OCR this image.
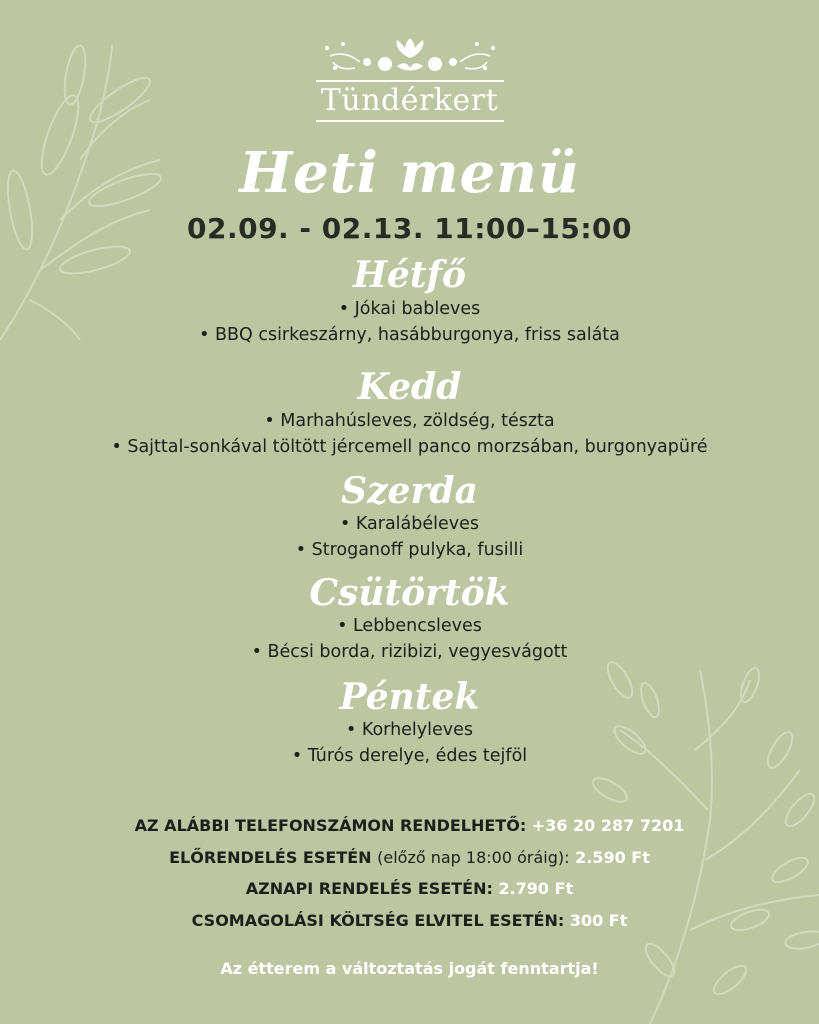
Tündérkert
Heti menü
02.09. - 02.13. 11:00–15:00
Hétfő
• Jókai bableves
• BBQ csirkeszárny, hasábburgonya, friss saláta
Kedd
• Marhahúsleves, zöldség, tészta
• Sajttal-sonkával töltött jércemell panco morzsában, burgonyapüré
Szerda
• Karalábéleves
• Stroganoff pulyka, fusilli
Csütörtök
• Lebbencsleves
• Bécsi borda, rizibizi, vegyesvágott
Péntek
• Korhelyleves
• Túrós derelye, édes tejföl
AZ ALÁBBI TELEFONSZÁMON RENDELHETŐ: +36 20 287 7201
ELŐRENDELÉS ESETÉN (előző nap 18:00 óráig): 2.590 Ft
AZNAPI RENDELÉS ESETÉN: 2.790 Ft
CSOMAGOLÁSI KÖLTSÉG ELVITEL ESETÉN: 300 Ft
Az étterem a változtatás jogát fenntartja!
